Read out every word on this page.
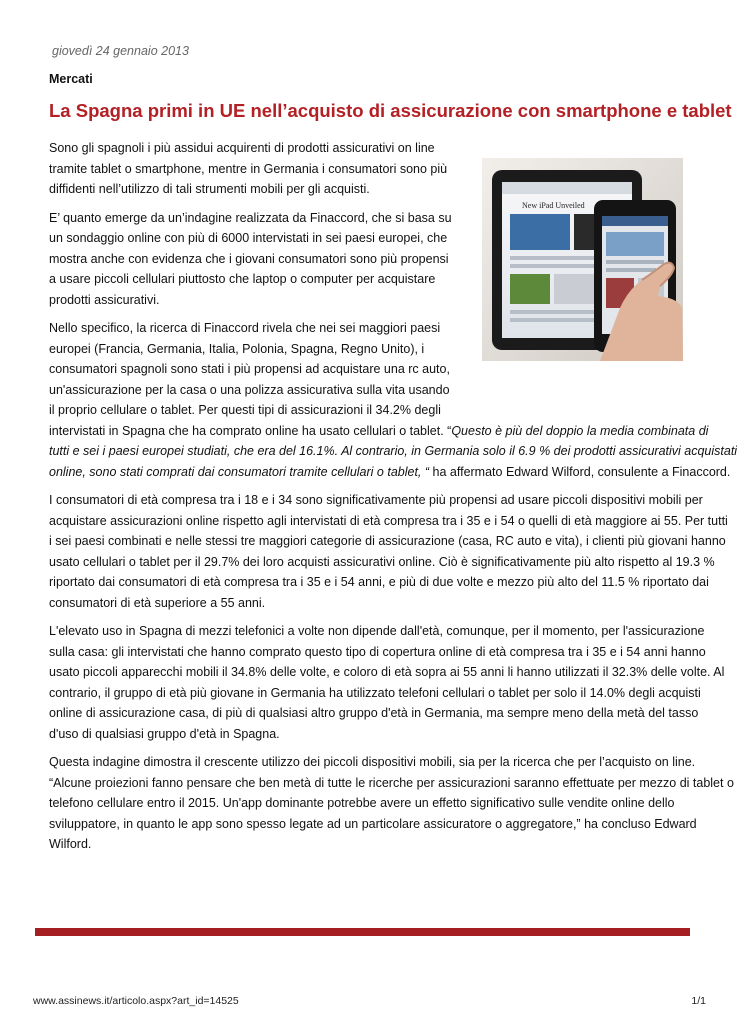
giovedì 24 gennaio 2013
Mercati
La Spagna primi in UE nell’acquisto di assicurazione con smartphone e tablet
New iPad Unveiled
Sono gli spagnoli i più assidui acquirenti di prodotti assicurativi on line
tramite tablet o smartphone, mentre in Germania i consumatori sono più
diffidenti nell’utilizzo di tali strumenti mobili per gli acquisti.
E’ quanto emerge da un’indagine realizzata da Finaccord, che si basa su
un sondaggio online con più di 6000 intervistati in sei paesi europei, che
mostra anche con evidenza che i giovani consumatori sono più propensi
a usare piccoli cellulari piuttosto che laptop o computer per acquistare
prodotti assicurativi.
Nello specifico, la ricerca di Finaccord rivela che nei sei maggiori paesi
europei (Francia, Germania, Italia, Polonia, Spagna, Regno Unito), i
consumatori spagnoli sono stati i più propensi ad acquistare una rc auto,
un'assicurazione per la casa o una polizza assicurativa sulla vita usando
il proprio cellulare o tablet. Per questi tipi di assicurazioni il 34.2% degli
intervistati in Spagna che ha comprato online ha usato cellulari o tablet. “Questo è più del doppio la media combinata di
tutti e sei i paesi europei studiati, che era del 16.1%. Al contrario, in Germania solo il 6.9 % dei prodotti assicurativi acquistati
online, sono stati comprati dai consumatori tramite cellulari o tablet, “ ha affermato Edward Wilford, consulente a Finaccord.
I consumatori di età compresa tra i 18 e i 34 sono significativamente più propensi ad usare piccoli dispositivi mobili per
acquistare assicurazioni online rispetto agli intervistati di età compresa tra i 35 e i 54 o quelli di età maggiore ai 55. Per tutti
i sei paesi combinati e nelle stessi tre maggiori categorie di assicurazione (casa, RC auto e vita), i clienti più giovani hanno
usato cellulari o tablet per il 29.7% dei loro acquisti assicurativi online. Ciò è significativamente più alto rispetto al 19.3 %
riportato dai consumatori di età compresa tra i 35 e i 54 anni, e più di due volte e mezzo più alto del 11.5 % riportato dai
consumatori di età superiore a 55 anni.
L'elevato uso in Spagna di mezzi telefonici a volte non dipende dall'età, comunque, per il momento, per l'assicurazione
sulla casa: gli intervistati che hanno comprato questo tipo di copertura online di età compresa tra i 35 e i 54 anni hanno
usato piccoli apparecchi mobili il 34.8% delle volte, e coloro di età sopra ai 55 anni li hanno utilizzati il 32.3% delle volte. Al
contrario, il gruppo di età più giovane in Germania ha utilizzato telefoni cellulari o tablet per solo il 14.0% degli acquisti
online di assicurazione casa, di più di qualsiasi altro gruppo d'età in Germania, ma sempre meno della metà del tasso
d'uso di qualsiasi gruppo d'età in Spagna.
Questa indagine dimostra il crescente utilizzo dei piccoli dispositivi mobili, sia per la ricerca che per l’acquisto on line.
“Alcune proiezioni fanno pensare che ben metà di tutte le ricerche per assicurazioni saranno effettuate per mezzo di tablet o
telefono cellulare entro il 2015. Un'app dominante potrebbe avere un effetto significativo sulle vendite online dello
sviluppatore, in quanto le app sono spesso legate ad un particolare assicuratore o aggregatore,” ha concluso Edward
Wilford.
www.assinews.it/articolo.aspx?art_id=14525	1/1
